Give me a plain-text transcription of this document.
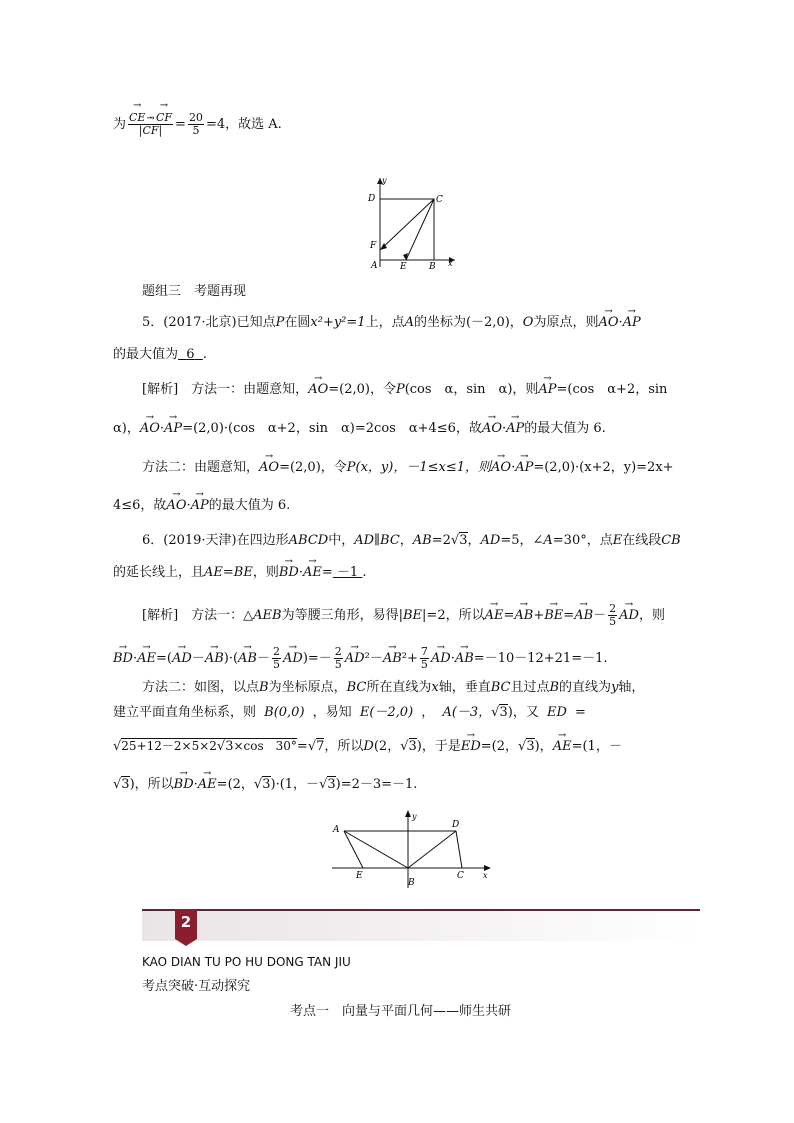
为
→ $\frac{CE \cdot \to CF}{|\to CF|} = \frac{20}{5} =4$，故选 A.
y
D	C
F
A	E B x
题组三　考题再现
5．(2017·北京)已知点P在圆x²+y²=1上，点A的坐标为(－2,0)，O为原点，则→ AO·→ AP
的最大值为 6 .
[解析]　 方法一：由题意知，→ AO=(2,0)，令P(cos　α，sin　α)，则→ AP=(cos　α+2，sin
α)，→ AO·→ AP=(2,0)·(cos　α+2，sin　α)=2cos　α+4≤6，故→ AO·→ AP的最大值为 6.
方法二：由题意知，→ AO=(2,0)，令P(x，y)，－1≤x≤1，则→ AO·→ AP=(2,0)·(x+2，y)=2x+
4≤6，故→ AO·→ AP的最大值为 6.
6．(2019·天津)在四边形ABCD中，AD∥BC，AB=2√3，AD=5，∠A=30°，点E在线段CB
的延长线上，且AE=BE，则→ BD·→ AE= －1 .
[解析]　 方法一：△AEB为等腰三角形，易得|BE|=2，所以→ $AE=\to AB+\to BE=\to AB- \frac{2}{5}$
→ AD，则
→ $BD\cdot\to AE=(\to AD-\to AB)\cdot(\to AB- \frac{2}{5}$
→ $AD)=- \frac{2}{5}$
→ $AD^2-\to AB^2+ \frac{7}{5}$
→ AD·→ AB=－10－12+21=－1.
方法二：如图，以点B为坐标原点，BC所在直线为x轴，垂直BC且过点B的直线为y轴，
建立平面直角坐标系，则 B(0,0) ，易知 E(－2,0) ， A(－3，√3)，又 ED =
√25+12－2×5×2√3×cos　30°=√7，所以D(2，√3)，于是→ ED=(2，√3)，→ AE=(1，－
√3)，所以→ BD·→ AE=(2，√3)·(1，－√3)=2－3=－1.
y
A	D
E
B
C x
2
KAO DIAN TU PO HU DONG TAN JIU
考点突破·互动探究
考点一　向量与平面几何——师生共研
